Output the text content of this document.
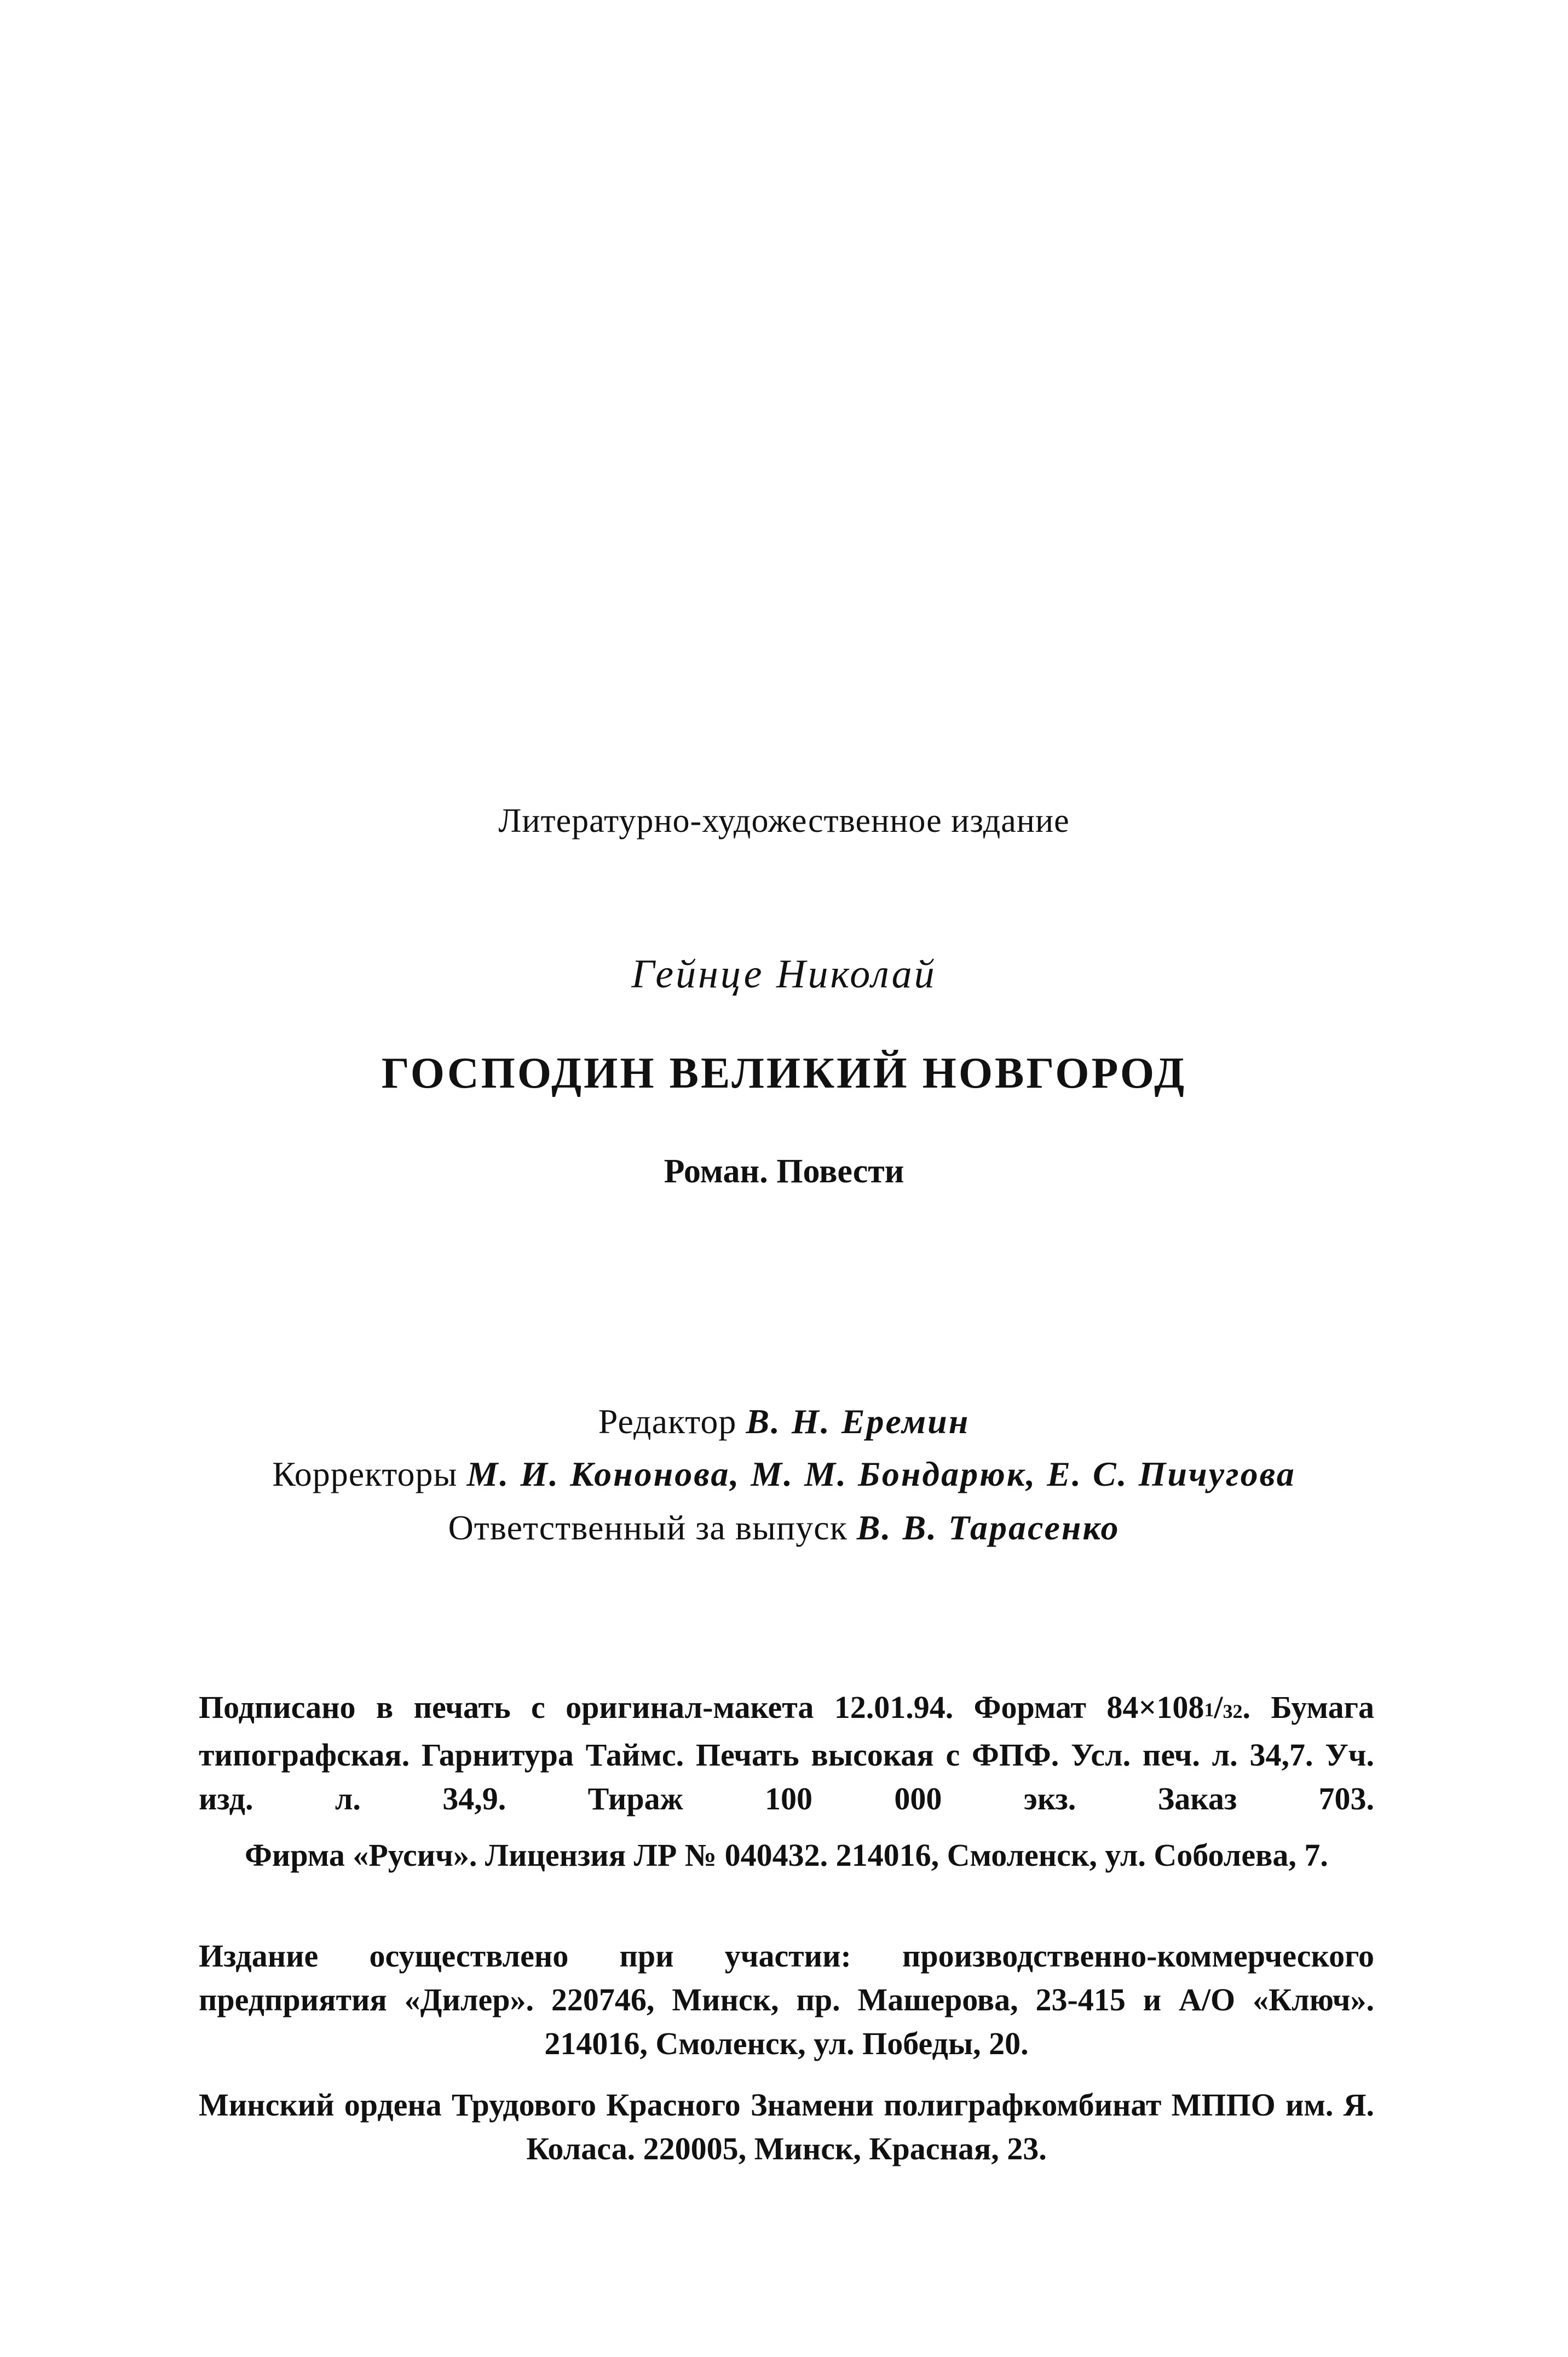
Литературно-художественное издание
Гейнце Николай
ГОСПОДИН ВЕЛИКИЙ НОВГОРОД
Роман. Повести
Редактор В. Н. Еремин
Корректоры М. И. Кононова, М. М. Бондарюк, Е. С. Пичугова
Ответственный за выпуск В. В. Тарасенко
Подписано в печать с оригинал-макета 12.01.94. Формат $84\times 108^1/32$. Бумага типографская. Гарнитура Таймс. Печать высокая с ФПФ. Усл. печ. л. 34,7. Уч. изд. л. 34,9. Тираж 100 000 экз. Заказ 703.
Фирма «Русич». Лицензия ЛР № 040432. 214016, Смоленск, ул. Соболева, 7.
Издание осуществлено при участии: производственно-коммерческого предприятия «Дилер». 220746, Минск, пр. Машерова, 23-415 и А/О «Ключ». 214016, Смоленск, ул. Победы, 20.
Минский ордена Трудового Красного Знамени полиграфкомбинат МППО им. Я. Коласа. 220005, Минск, Красная, 23.
